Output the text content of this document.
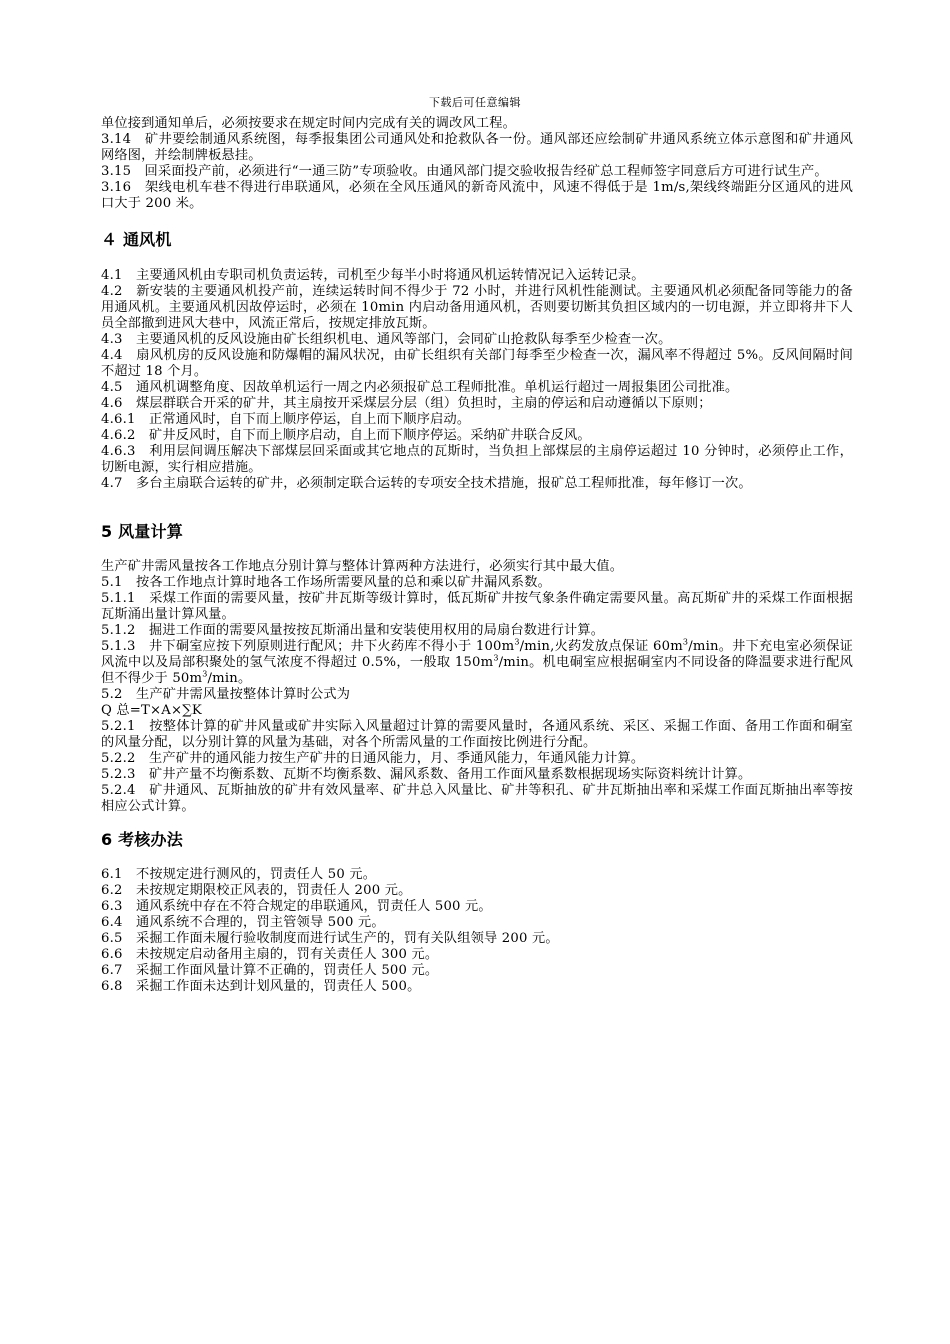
下载后可任意编辑

单位接到通知单后，必须按要求在规定时间内完成有关的调改风工程。

3.14　矿井要绘制通风系统图，每季报集团公司通风处和抢救队各一份。通风部还应绘制矿井通风系统立体示意图和矿井通风网络图，并绘制牌板悬挂。

3.15　回采面投产前，必须进行“一通三防”专项验收。由通风部门提交验收报告经矿总工程师签字同意后方可进行试生产。

3.16　架线电机车巷不得进行串联通风，必须在全风压通风的新奇风流中，风速不得低于是 1m/s,架线终端距分区通风的进风口大于 200 米。

４ 通风机

4.1　主要通风机由专职司机负责运转，司机至少每半小时将通风机运转情况记入运转记录。

4.2　新安装的主要通风机投产前，连续运转时间不得少于 72 小时，并进行风机性能测试。主要通风机必须配备同等能力的备用通风机。主要通风机因故停运时，必须在 10min 内启动备用通风机，否则要切断其负担区域内的一切电源，并立即将井下人员全部撤到进风大巷中，风流正常后，按规定排放瓦斯。

4.3　主要通风机的反风设施由矿长组织机电、通风等部门，会同矿山抢救队每季至少检查一次。

4.4　扇风机房的反风设施和防爆帽的漏风状况，由矿长组织有关部门每季至少检查一次，漏风率不得超过 5%。反风间隔时间不超过 18 个月。

4.5　通风机调整角度、因故单机运行一周之内必须报矿总工程师批准。单机运行超过一周报集团公司批准。

4.6　煤层群联合开采的矿井，其主扇按开采煤层分层（组）负担时，主扇的停运和启动遵循以下原则；

4.6.1　正常通风时，自下而上顺序停运，自上而下顺序启动。

4.6.2　矿井反风时，自下而上顺序启动，自上而下顺序停运。采纳矿井联合反风。

4.6.3　利用层间调压解决下部煤层回采面或其它地点的瓦斯时，当负担上部煤层的主扇停运超过 10 分钟时，必须停止工作，切断电源，实行相应措施。

4.7　多台主扇联合运转的矿井，必须制定联合运转的专项安全技术措施，报矿总工程师批准，每年修订一次。

5 风量计算

生产矿井需风量按各工作地点分别计算与整体计算两种方法进行，必须实行其中最大值。

5.1　按各工作地点计算时地各工作场所需要风量的总和乘以矿井漏风系数。

5.1.1　采煤工作面的需要风量，按矿井瓦斯等级计算时，低瓦斯矿井按气象条件确定需要风量。高瓦斯矿井的采煤工作面根据瓦斯涌出量计算风量。

5.1.2　掘进工作面的需要风量按按瓦斯涌出量和安装使用权用的局扇台数进行计算。

5.1.3　井下硐室应按下列原则进行配风；井下火药库不得小于 $100m^3/\min$,火药发放点保证 $60m^3/\min$。井下充电室必须保证风流中以及局部积聚处的氢气浓度不得超过 0.5%，一般取 $150m^3/\min$。机电硐室应根据硐室内不同设备的降温要求进行配风但不得少于 $50m^3/\min$。

5.2　生产矿井需风量按整体计算时公式为

Q 总=T×A×∑K

5.2.1　按整体计算的矿井风量或矿井实际入风量超过计算的需要风量时，各通风系统、采区、采掘工作面、备用工作面和硐室的风量分配，以分别计算的风量为基础，对各个所需风量的工作面按比例进行分配。

5.2.2　生产矿井的通风能力按生产矿井的日通风能力，月、季通风能力，年通风能力计算。

5.2.3　矿井产量不均衡系数、瓦斯不均衡系数、漏风系数、备用工作面风量系数根据现场实际资料统计计算。

5.2.4　矿井通风、瓦斯抽放的矿井有效风量率、矿井总入风量比、矿井等积孔、矿井瓦斯抽出率和采煤工作面瓦斯抽出率等按相应公式计算。

6 考核办法

6.1　不按规定进行测风的，罚责任人 50 元。

6.2　未按规定期限校正风表的，罚责任人 200 元。

6.3　通风系统中存在不符合规定的串联通风，罚责任人 500 元。

6.4　通风系统不合理的，罚主管领导 500 元。

6.5　采掘工作面未履行验收制度而进行试生产的，罚有关队组领导 200 元。

6.6　未按规定启动备用主扇的，罚有关责任人 300 元。

6.7　采掘工作面风量计算不正确的，罚责任人 500 元。

6.8　采掘工作面未达到计划风量的，罚责任人 500。
